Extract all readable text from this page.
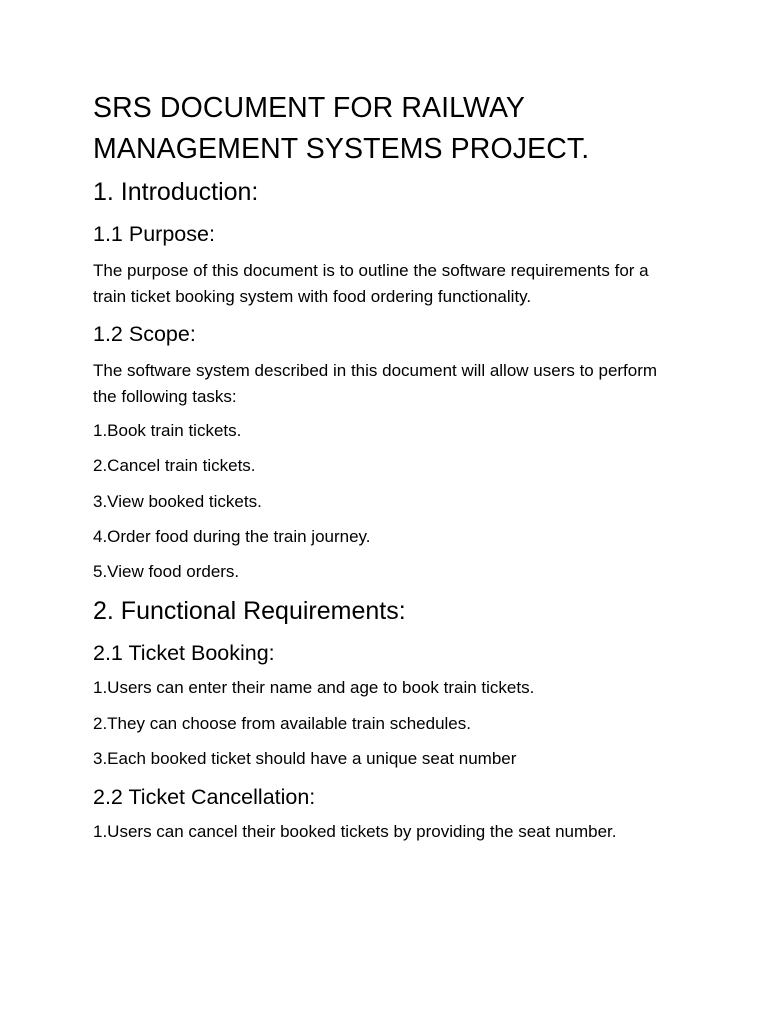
SRS DOCUMENT FOR RAILWAY
MANAGEMENT SYSTEMS PROJECT.
1. Introduction:
1.1 Purpose:
The purpose of this document is to outline the software requirements for a train ticket booking system with food ordering functionality.
1.2 Scope:
The software system described in this document will allow users to perform the following tasks:
1.Book train tickets.
2.Cancel train tickets.
3.View booked tickets.
4.Order food during the train journey.
5.View food orders.
2. Functional Requirements:
2.1 Ticket Booking:
1.Users can enter their name and age to book train tickets.
2.They can choose from available train schedules.
3.Each booked ticket should have a unique seat number
2.2 Ticket Cancellation:
1.Users can cancel their booked tickets by providing the seat number.
